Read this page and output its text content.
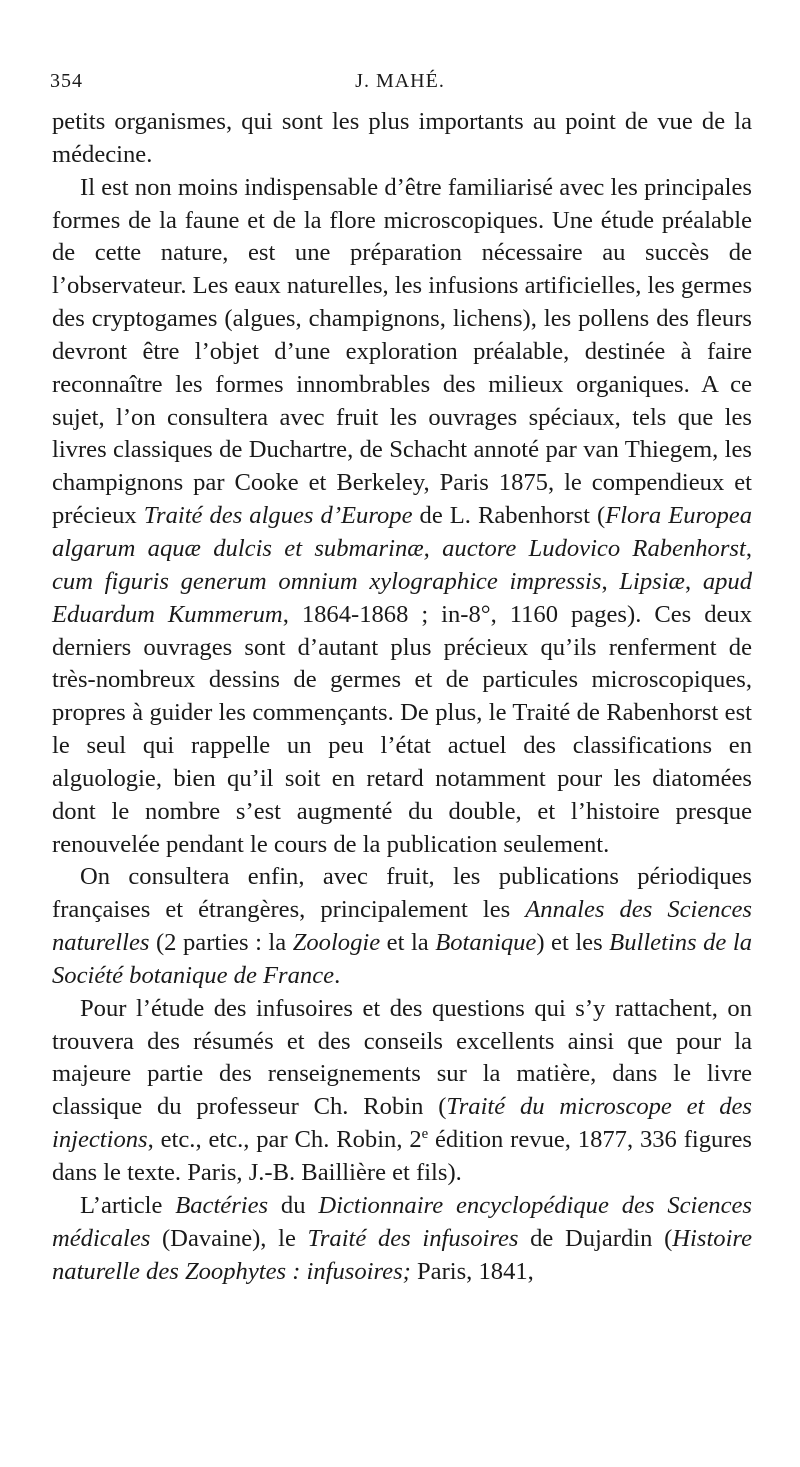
354	J. MAHÉ.

petits organismes, qui sont les plus importants au point de vue de la médecine.

Il est non moins indispensable d’être familiarisé avec les principales formes de la faune et de la flore microscopiques. Une étude préalable de cette nature, est une préparation nécessaire au succès de l’observateur. Les eaux naturelles, les infusions artificielles, les germes des cryptogames (algues, champignons, lichens), les pollens des fleurs devront être l’objet d’une exploration préalable, destinée à faire reconnaître les formes innombrables des milieux organiques. A ce sujet, l’on consultera avec fruit les ouvrages spéciaux, tels que les livres classiques de Duchartre, de Schacht annoté par van Thiegem, les champignons par Cooke et Berkeley, Paris 1875, le compendieux et précieux Traité des algues d’Europe de L. Rabenhorst (Flora Europea algarum aquæ dulcis et submarinæ, auctore Ludovico Rabenhorst, cum figuris generum omnium xylographice impressis, Lipsiæ, apud Eduardum Kummerum, 1864-1868 ; in-8°, 1160 pages). Ces deux derniers ouvrages sont d’autant plus précieux qu’ils renferment de très-nombreux dessins de germes et de particules microscopiques, propres à guider les commençants. De plus, le Traité de Rabenhorst est le seul qui rappelle un peu l’état actuel des classifications en alguologie, bien qu’il soit en retard notamment pour les diatomées dont le nombre s’est augmenté du double, et l’histoire presque renouvelée pendant le cours de la publication seulement.

On consultera enfin, avec fruit, les publications périodiques françaises et étrangères, principalement les Annales des Sciences naturelles (2 parties : la Zoologie et la Botanique) et les Bulletins de la Société botanique de France.

Pour l’étude des infusoires et des questions qui s’y rattachent, on trouvera des résumés et des conseils excellents ainsi que pour la majeure partie des renseignements sur la matière, dans le livre classique du professeur Ch. Robin (Traité du microscope et des injections, etc., etc., par Ch. Robin, 2e édition revue, 1877, 336 figures dans le texte. Paris, J.-B. Baillière et fils).

L’article Bactéries du Dictionnaire encyclopédique des Sciences médicales (Davaine), le Traité des infusoires de Dujardin (Histoire naturelle des Zoophytes : infusoires; Paris, 1841,
